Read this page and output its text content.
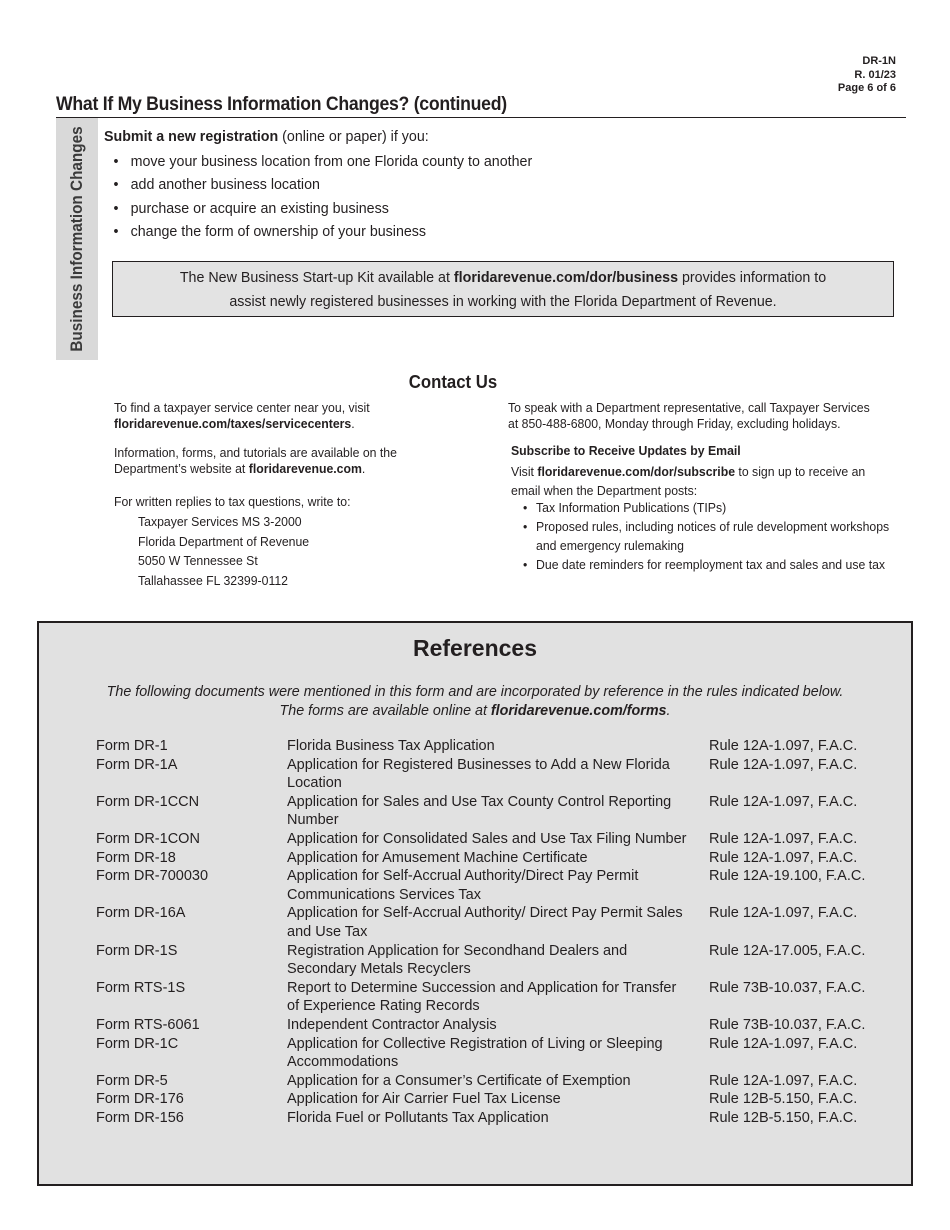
DR-1N
R. 01/23
Page 6 of 6
What If My Business Information Changes? (continued)
Business Information Changes Submit a new registration (online or paper) if you:
• move your business location from one Florida county to another
• add another business location
• purchase or acquire an existing business
• change the form of ownership of your business
The New Business Start-up Kit available at floridarevenue.com/dor/business provides information to
assist newly registered businesses in working with the Florida Department of Revenue.
Contact Us
To find a taxpayer service center near you, visit
floridarevenue.com/taxes/servicecenters.
Information, forms, and tutorials are available on the
Department’s website at floridarevenue.com.
For written replies to tax questions, write to:
Taxpayer Services MS 3-2000
Florida Department of Revenue
5050 W Tennessee St
Tallahassee FL 32399-0112
To speak with a Department representative, call Taxpayer Services
at 850-488-6800, Monday through Friday, excluding holidays.
Subscribe to Receive Updates by Email
Visit floridarevenue.com/dor/subscribe to sign up to receive an
email when the Department posts:
• Tax Information Publications (TIPs)
• Proposed rules, including notices of rule development workshops
and emergency rulemaking
• Due date reminders for reemployment tax and sales and use tax
References
The following documents were mentioned in this form and are incorporated by reference in the rules indicated below.
The forms are available online at floridarevenue.com/forms.
Form DR-1	Florida Business Tax Application	Rule 12A-1.097, F.A.C.
Form DR-1A	Application for Registered Businesses to Add a New Florida Location
Rule 12A-1.097, F.A.C.
Form DR-1CCN	Application for Sales and Use Tax County Control Reporting Number
Rule 12A-1.097, F.A.C.
Form DR-1CON	Application for Consolidated Sales and Use Tax Filing Number Rule 12A-1.097, F.A.C.
Form DR-18	Application for Amusement Machine Certificate	Rule 12A-1.097, F.A.C.
Form DR-700030	Application for Self-Accrual Authority/Direct Pay Permit Communications Services Tax
Rule 12A-19.100, F.A.C.
Form DR-16A	Application for Self-Accrual Authority/ Direct Pay Permit Sales and Use Tax
Rule 12A-1.097, F.A.C.
Form DR-1S	Registration Application for Secondhand Dealers and Secondary Metals Recyclers
Rule 12A-17.005, F.A.C.
Form RTS-1S	Report to Determine Succession and Application for Transfer of Experience Rating Records
Rule 73B-10.037, F.A.C.
Form RTS-6061	Independent Contractor Analysis	Rule 73B-10.037, F.A.C.
Form DR-1C	Application for Collective Registration of Living or Sleeping Accommodations
Rule 12A-1.097, F.A.C.
Form DR-5	Application for a Consumer’s Certificate of Exemption	Rule 12A-1.097, F.A.C.
Form DR-176	Application for Air Carrier Fuel Tax License	Rule 12B-5.150, F.A.C.
Form DR-156	Florida Fuel or Pollutants Tax Application	Rule 12B-5.150, F.A.C.
